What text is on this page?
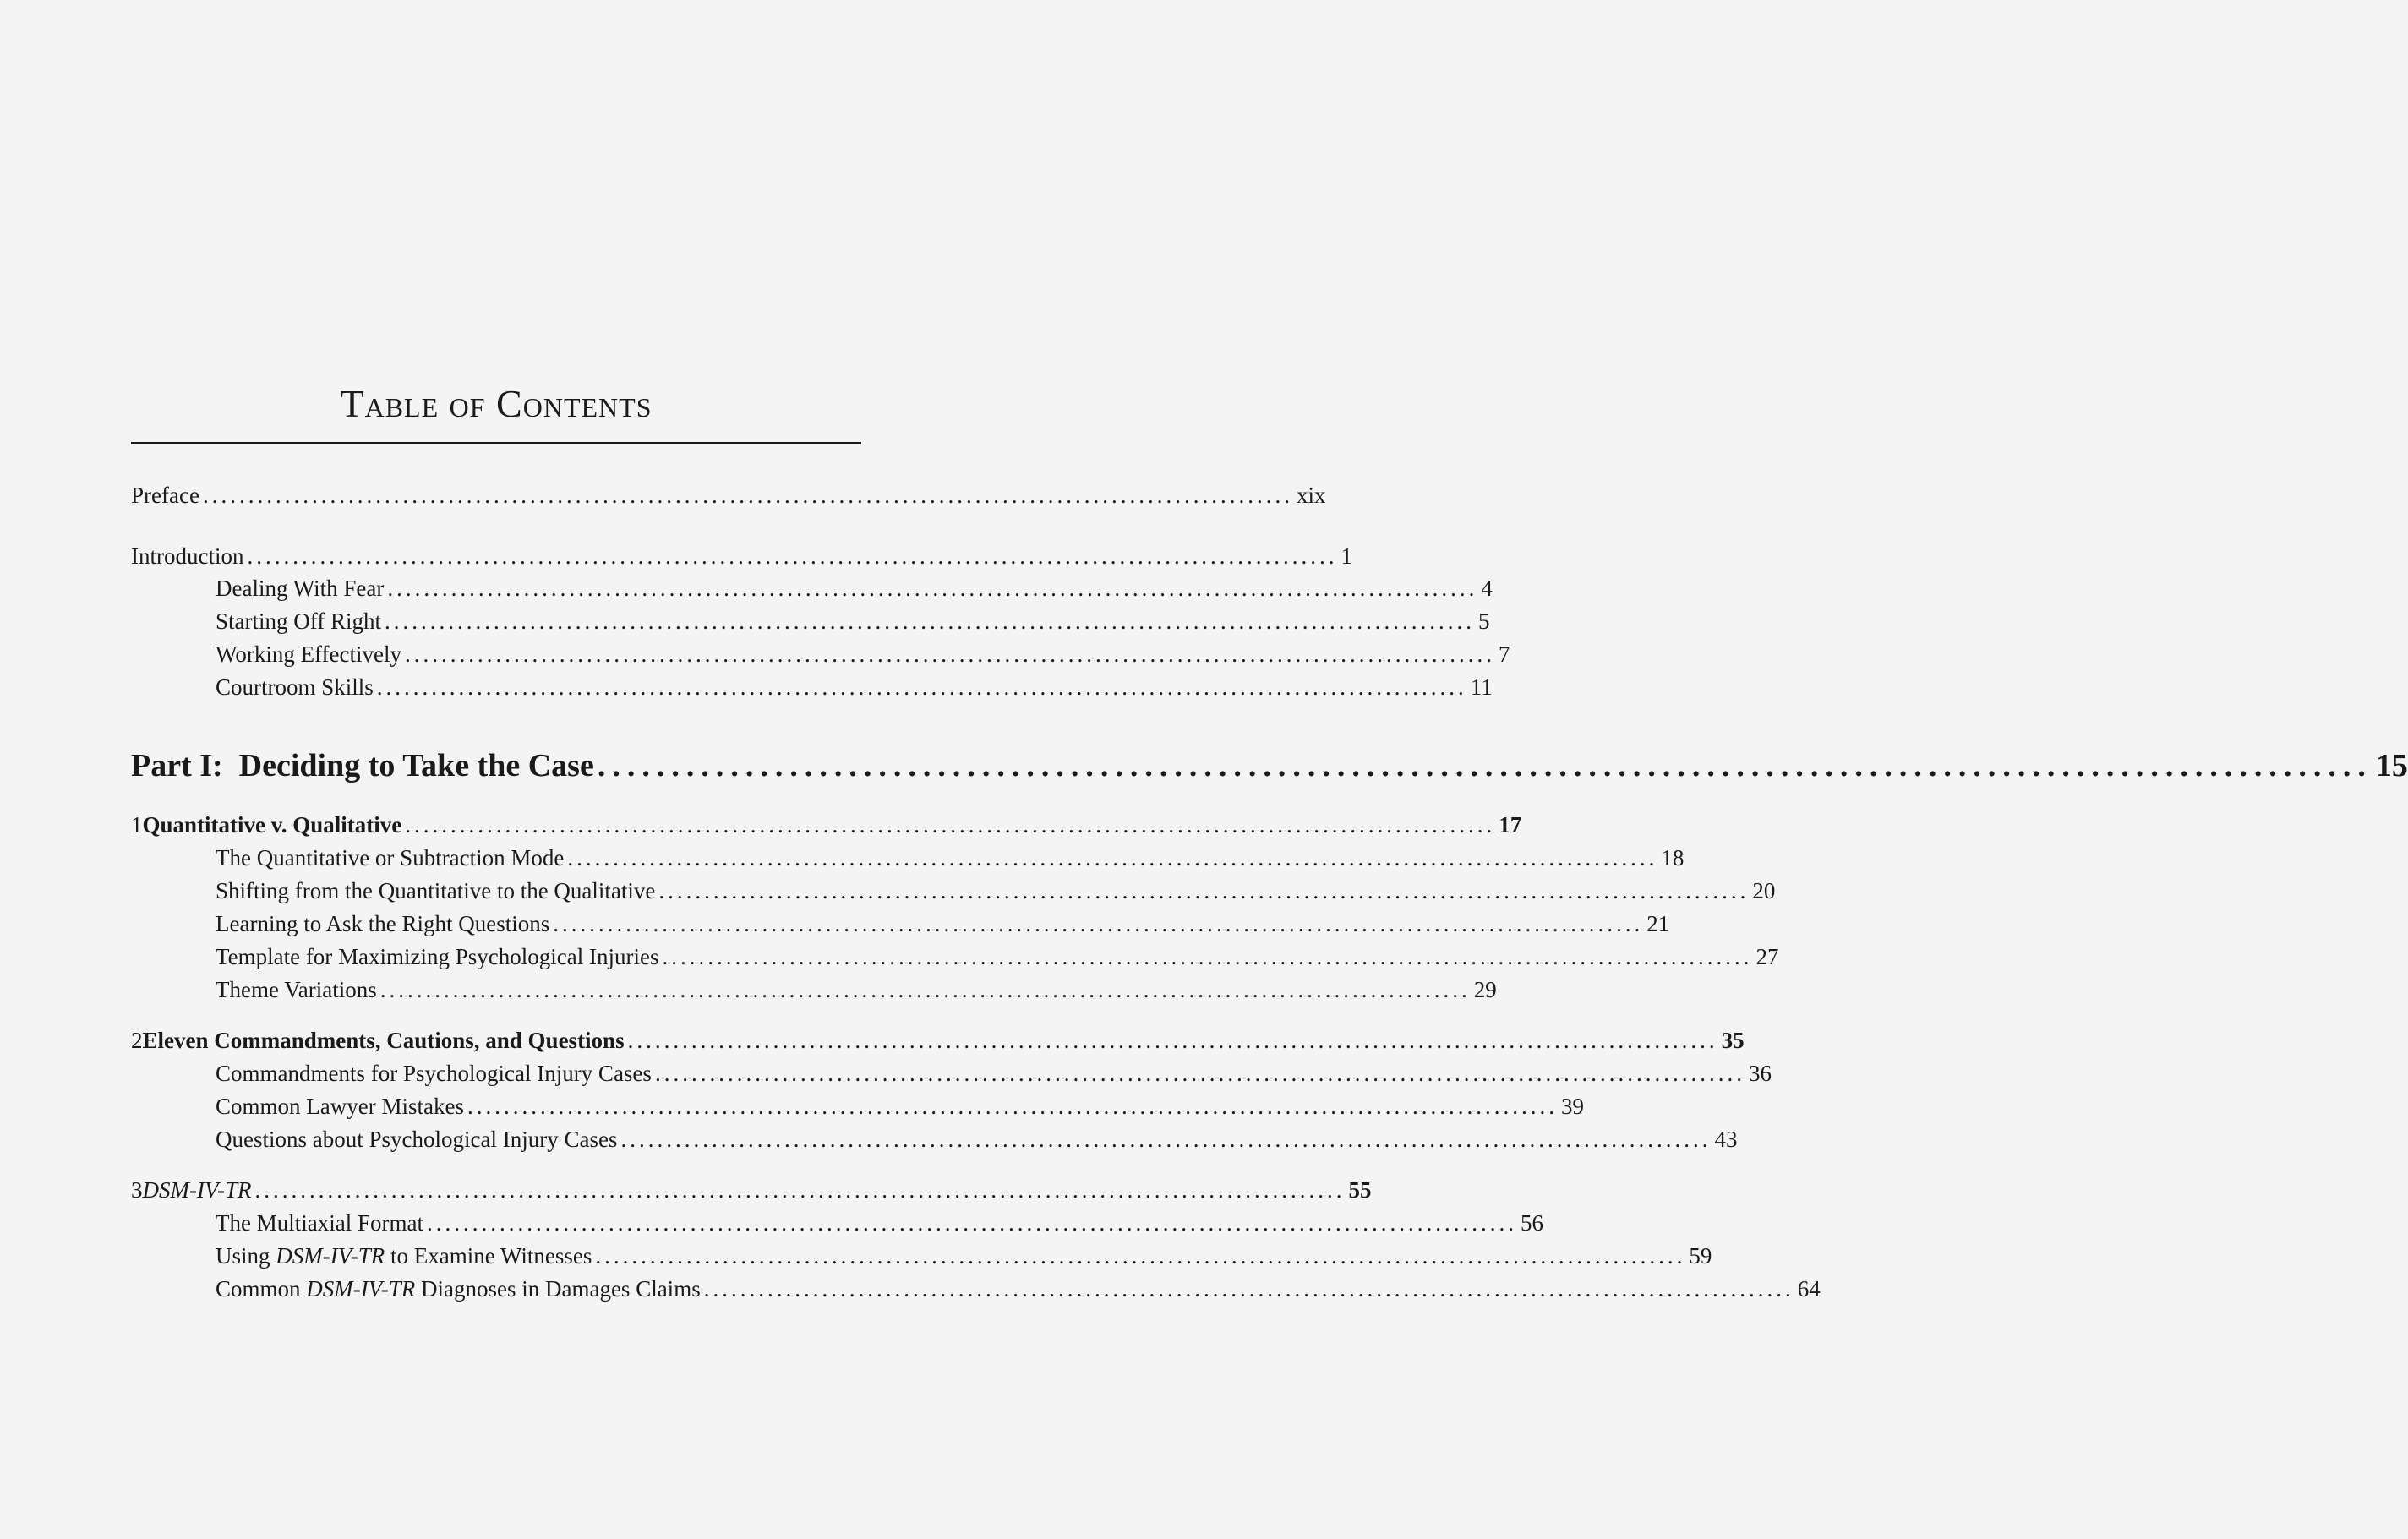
Table of Contents
Preface ........................................................................................................................ xix
Introduction ........................................................................................................................ 1
Dealing With Fear ........................................................................................................................ 4
Starting Off Right ........................................................................................................................ 5
Working Effectively ........................................................................................................................ 7
Courtroom Skills ........................................................................................................................ 11
Part I:  Deciding to Take the Case ........................................................................................................................ 15
1 Quantitative v. Qualitative ........................................................................................................................ 17
The Quantitative or Subtraction Mode ........................................................................................................................ 18
Shifting from the Quantitative to the Qualitative ........................................................................................................................ 20
Learning to Ask the Right Questions ........................................................................................................................ 21
Template for Maximizing Psychological Injuries ........................................................................................................................ 27
Theme Variations ........................................................................................................................ 29
2 Eleven Commandments, Cautions, and Questions ........................................................................................................................ 35
Commandments for Psychological Injury Cases ........................................................................................................................ 36
Common Lawyer Mistakes ........................................................................................................................ 39
Questions about Psychological Injury Cases ........................................................................................................................ 43
3 DSM-IV-TR ........................................................................................................................ 55
The Multiaxial Format ........................................................................................................................ 56
Using DSM-IV-TR to Examine Witnesses ........................................................................................................................ 59
Common DSM-IV-TR Diagnoses in Damages Claims ........................................................................................................................ 64
